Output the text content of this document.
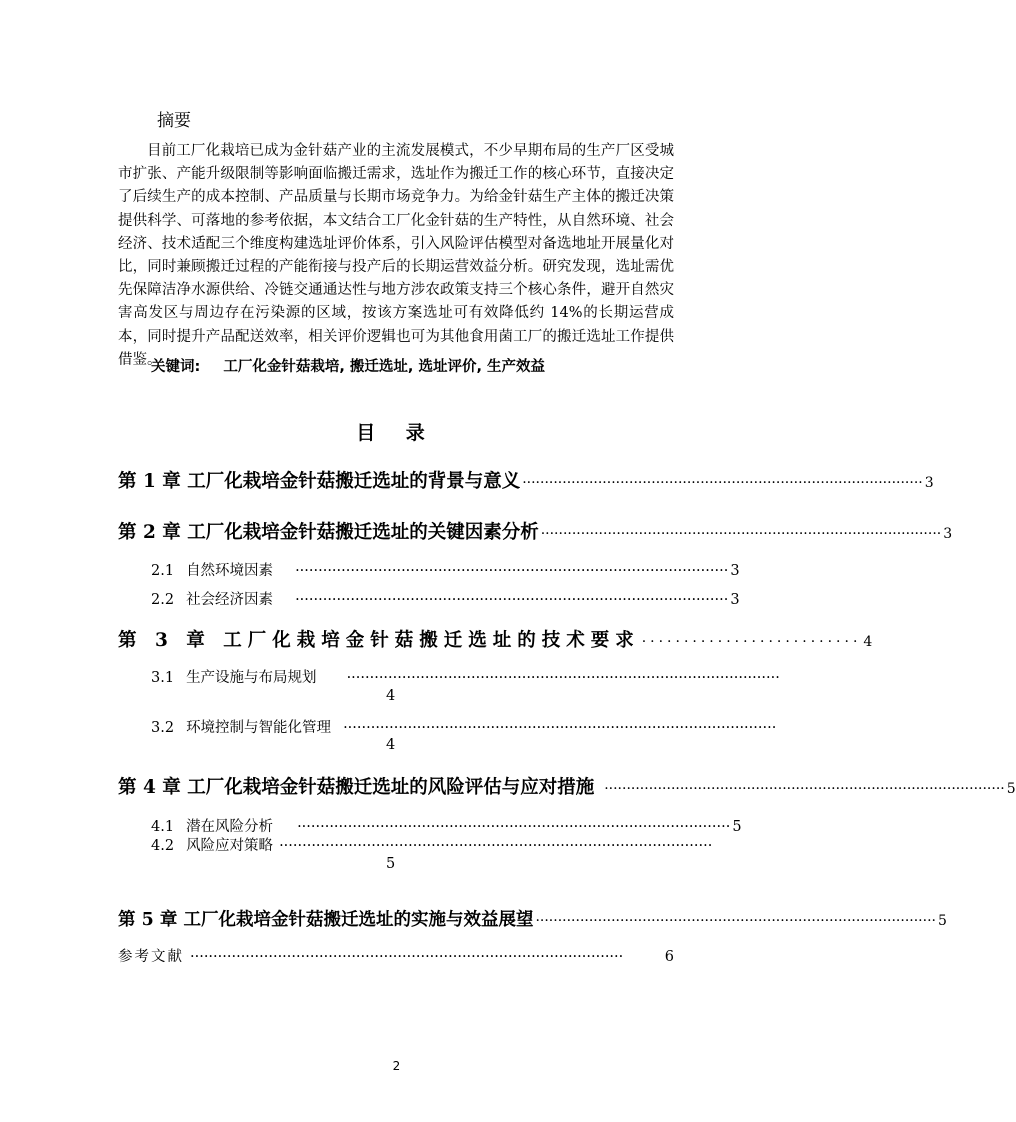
摘要

目前工厂化栽培已成为金针菇产业的主流发展模式，不少早期布局的生产厂区受城市扩张、产能升级限制等影响面临搬迁需求，选址作为搬迁工作的核心环节，直接决定了后续生产的成本控制、产品质量与长期市场竞争力。为给金针菇生产主体的搬迁决策提供科学、可落地的参考依据，本文结合工厂化金针菇的生产特性，从自然环境、社会经济、技术适配三个维度构建选址评价体系，引入风险评估模型对备选地址开展量化对比，同时兼顾搬迁过程的产能衔接与投产后的长期运营效益分析。研究发现，选址需优先保障洁净水源供给、冷链交通通达性与地方涉农政策支持三个核心条件，避开自然灾害高发区与周边存在污染源的区域，按该方案选址可有效降低约 14%的长期运营成本，同时提升产品配送效率，相关评价逻辑也可为其他食用菌工厂的搬迁选址工作提供借鉴。

关键词: 工厂化金针菇栽培, 搬迁选址, 选址评价, 生产效益
目 录
第 1 章 工厂化栽培金针菇搬迁选址的背景与意义 ·························································································· 3
第 2 章 工厂化栽培金针菇搬迁选址的关键因素分析 ·························································································· 3
2.1 自然环境因素 ······························································································ 3
2.2 社会经济因素 ······························································································ 3
第 3 章 工厂化栽培金针菇搬迁选址的技术要求 ·························· 4
3.1 生产设施与布局规划 ······························································································
4
3.2 环境控制与智能化管理 ······························································································
4
第 4 章 工厂化栽培金针菇搬迁选址的风险评估与应对措施 ·························································································· 5
4.1 潜在风险分析 ······························································································ 5
4.2 风险应对策略 ······························································································
5
第 5 章 工厂化栽培金针菇搬迁选址的实施与效益展望 ·························································································· 5
参考文献 ······························································································	6
2
